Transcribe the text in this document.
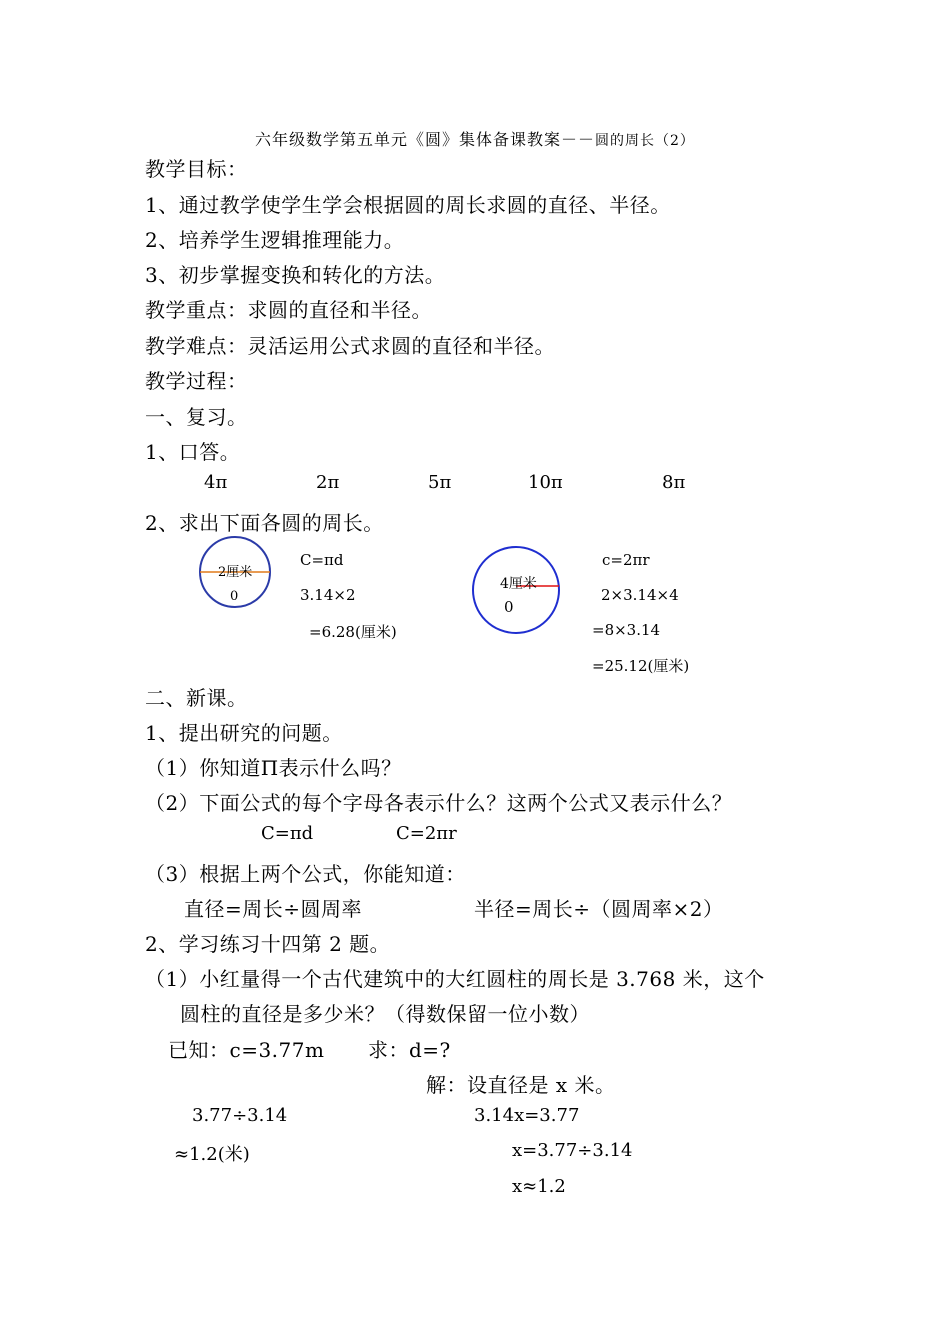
六年级数学第五单元《圆》集体备课教案－－圆的周长（2）
教学目标：
1、通过教学使学生学会根据圆的周长求圆的直径、半径。
2、培养学生逻辑推理能力。
3、初步掌握变换和转化的方法。
教学重点：求圆的直径和半径。
教学难点：灵活运用公式求圆的直径和半径。
教学过程：
一、复习。
1、口答。
4π	2π	5π	10π	8π
2、求出下面各圆的周长。
2厘米
0
C=πd
3.14×2
=6.28(厘米)
4厘米
0
c=2πr
2×3.14×4
=8×3.14
=25.12(厘米)
二、新课。
1、提出研究的问题。
（1）你知道Π表示什么吗？
（2）下面公式的每个字母各表示什么？这两个公式又表示什么？
C=πd	C=2πr
（3）根据上两个公式，你能知道：
直径=周长÷圆周率	半径=周长÷（圆周率×2）
2、学习练习十四第 2 题。
（1）小红量得一个古代建筑中的大红圆柱的周长是 3.768 米，这个
圆柱的直径是多少米？（得数保留一位小数）
已知：c=3.77m 求：d=?
解：设直径是 x 米。
3.77÷3.14
≈1.2(米)
3.14x=3.77
x=3.77÷3.14
x≈1.2
